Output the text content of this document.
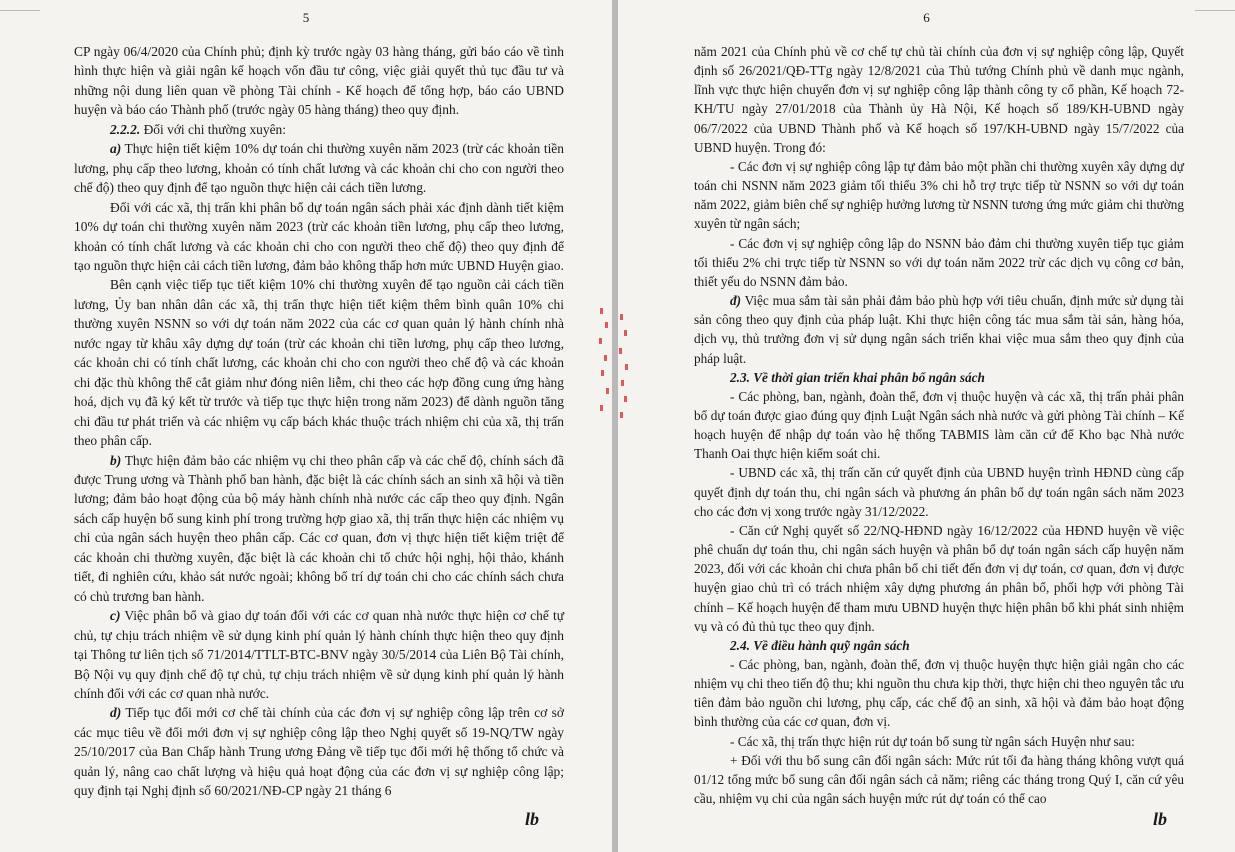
5

CP ngày 06/4/2020 của Chính phủ; định kỳ trước ngày 03 hàng tháng, gửi báo cáo về tình hình thực hiện và giải ngân kế hoạch vốn đầu tư công, việc giải quyết thủ tục đầu tư và những nội dung liên quan về phòng Tài chính - Kế hoạch để tổng hợp, báo cáo UBND huyện và báo cáo Thành phố (trước ngày 05 hàng tháng) theo quy định.

2.2.2. Đối với chi thường xuyên:

a) Thực hiện tiết kiệm 10% dự toán chi thường xuyên năm 2023 (trừ các khoản tiền lương, phụ cấp theo lương, khoản có tính chất lương và các khoản chi cho con người theo chế độ) theo quy định để tạo nguồn thực hiện cải cách tiền lương.

Đối với các xã, thị trấn khi phân bổ dự toán ngân sách phải xác định dành tiết kiệm 10% dự toán chi thường xuyên năm 2023 (trừ các khoản tiền lương, phụ cấp theo lương, khoản có tính chất lương và các khoản chi cho con người theo chế độ) theo quy định để tạo nguồn thực hiện cải cách tiền lương, đảm bảo không thấp hơn mức UBND Huyện giao.

Bên cạnh việc tiếp tục tiết kiệm 10% chi thường xuyên để tạo nguồn cải cách tiền lương, Ủy ban nhân dân các xã, thị trấn thực hiện tiết kiệm thêm bình quân 10% chi thường xuyên NSNN so với dự toán năm 2022 của các cơ quan quản lý hành chính nhà nước ngay từ khâu xây dựng dự toán (trừ các khoản chi tiền lương, phụ cấp theo lương, các khoản chi có tính chất lương, các khoản chi cho con người theo chế độ và các khoản chi đặc thù không thể cắt giảm như đóng niên liễm, chi theo các hợp đồng cung ứng hàng hoá, dịch vụ đã ký kết từ trước và tiếp tục thực hiện trong năm 2023) để dành nguồn tăng chi đầu tư phát triển và các nhiệm vụ cấp bách khác thuộc trách nhiệm chi của xã, thị trấn theo phân cấp.

b) Thực hiện đảm bảo các nhiệm vụ chi theo phân cấp và các chế độ, chính sách đã được Trung ương và Thành phố ban hành, đặc biệt là các chính sách an sinh xã hội và tiền lương; đảm bảo hoạt động của bộ máy hành chính nhà nước các cấp theo quy định. Ngân sách cấp huyện bổ sung kinh phí trong trường hợp giao xã, thị trấn thực hiện các nhiệm vụ chi của ngân sách huyện theo phân cấp. Các cơ quan, đơn vị thực hiện tiết kiệm triệt để các khoản chi thường xuyên, đặc biệt là các khoản chi tổ chức hội nghị, hội thảo, khánh tiết, đi nghiên cứu, khảo sát nước ngoài; không bố trí dự toán chi cho các chính sách chưa có chủ trương ban hành.

c) Việc phân bổ và giao dự toán đối với các cơ quan nhà nước thực hiện cơ chế tự chủ, tự chịu trách nhiệm về sử dụng kinh phí quản lý hành chính thực hiện theo quy định tại Thông tư liên tịch số 71/2014/TTLT-BTC-BNV ngày 30/5/2014 của Liên Bộ Tài chính, Bộ Nội vụ quy định chế độ tự chủ, tự chịu trách nhiệm về sử dụng kinh phí quản lý hành chính đối với các cơ quan nhà nước.

d) Tiếp tục đổi mới cơ chế tài chính của các đơn vị sự nghiệp công lập trên cơ sở các mục tiêu về đổi mới đơn vị sự nghiệp công lập theo Nghị quyết số 19-NQ/TW ngày 25/10/2017 của Ban Chấp hành Trung ương Đảng về tiếp tục đổi mới hệ thống tổ chức và quản lý, nâng cao chất lượng và hiệu quả hoạt động của các đơn vị sự nghiệp công lập; quy định tại Nghị định số 60/2021/NĐ-CP ngày 21 tháng 6

lb
6

năm 2021 của Chính phủ về cơ chế tự chủ tài chính của đơn vị sự nghiệp công lập, Quyết định số 26/2021/QĐ-TTg ngày 12/8/2021 của Thủ tướng Chính phủ về danh mục ngành, lĩnh vực thực hiện chuyển đơn vị sự nghiệp công lập thành công ty cổ phần, Kế hoạch 72-KH/TU ngày 27/01/2018 của Thành ủy Hà Nội, Kế hoạch số 189/KH-UBND ngày 06/7/2022 của UBND Thành phố và Kế hoạch số 197/KH-UBND ngày 15/7/2022 của UBND huyện. Trong đó:

- Các đơn vị sự nghiệp công lập tự đảm bảo một phần chi thường xuyên xây dựng dự toán chi NSNN năm 2023 giảm tối thiểu 3% chi hỗ trợ trực tiếp từ NSNN so với dự toán năm 2022, giảm biên chế sự nghiệp hưởng lương từ NSNN tương ứng mức giảm chi thường xuyên từ ngân sách;

- Các đơn vị sự nghiệp công lập do NSNN bảo đảm chi thường xuyên tiếp tục giảm tối thiểu 2% chi trực tiếp từ NSNN so với dự toán năm 2022 trừ các dịch vụ công cơ bản, thiết yếu do NSNN đảm bảo.

đ) Việc mua sắm tài sản phải đảm bảo phù hợp với tiêu chuẩn, định mức sử dụng tài sản công theo quy định của pháp luật. Khi thực hiện công tác mua sắm tài sản, hàng hóa, dịch vụ, thủ trưởng đơn vị sử dụng ngân sách triển khai việc mua sắm theo quy định của pháp luật.

2.3. Về thời gian triển khai phân bổ ngân sách

- Các phòng, ban, ngành, đoàn thể, đơn vị thuộc huyện và các xã, thị trấn phải phân bổ dự toán được giao đúng quy định Luật Ngân sách nhà nước và gửi phòng Tài chính – Kế hoạch huyện để nhập dự toán vào hệ thống TABMIS làm căn cứ để Kho bạc Nhà nước Thanh Oai thực hiện kiểm soát chi.

- UBND các xã, thị trấn căn cứ quyết định của UBND huyện trình HĐND cùng cấp quyết định dự toán thu, chi ngân sách và phương án phân bổ dự toán ngân sách năm 2023 cho các đơn vị xong trước ngày 31/12/2022.

- Căn cứ Nghị quyết số 22/NQ-HĐND ngày 16/12/2022 của HĐND huyện về việc phê chuẩn dự toán thu, chi ngân sách huyện và phân bổ dự toán ngân sách cấp huyện năm 2023, đối với các khoản chi chưa phân bổ chi tiết đến đơn vị dự toán, cơ quan, đơn vị được huyện giao chủ trì có trách nhiệm xây dựng phương án phân bổ, phối hợp với phòng Tài chính – Kế hoạch huyện để tham mưu UBND huyện thực hiện phân bổ khi phát sinh nhiệm vụ và có đủ thủ tục theo quy định.

2.4. Về điều hành quỹ ngân sách

- Các phòng, ban, ngành, đoàn thể, đơn vị thuộc huyện thực hiện giải ngân cho các nhiệm vụ chi theo tiến độ thu; khi nguồn thu chưa kịp thời, thực hiện chi theo nguyên tắc ưu tiên đảm bảo nguồn chi lương, phụ cấp, các chế độ an sinh, xã hội và đảm bảo hoạt động bình thường của các cơ quan, đơn vị.

- Các xã, thị trấn thực hiện rút dự toán bổ sung từ ngân sách Huyện như sau:

+ Đối với thu bổ sung cân đối ngân sách: Mức rút tối đa hàng tháng không vượt quá 01/12 tổng mức bổ sung cân đối ngân sách cả năm; riêng các tháng trong Quý I, căn cứ yêu cầu, nhiệm vụ chi của ngân sách huyện mức rút dự toán có thể cao

lb
